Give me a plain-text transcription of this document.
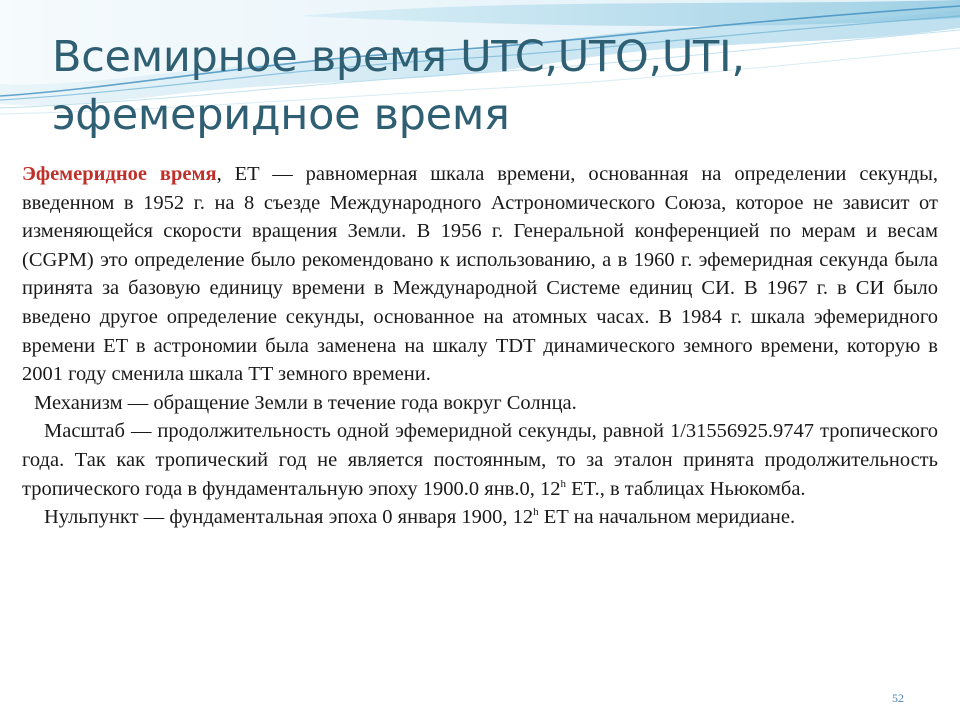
Всемирное время UTC,UTO,UTI,
эфемеридное время

Эфемеридное время, ET — равномерная шкала времени, основанная на определении секунды, введенном в 1952 г. на 8 съезде Международного Астрономического Союза, которое не зависит от изменяющейся скорости вращения Земли. В 1956 г. Генеральной конференцией по мерам и весам (CGPM) это определение было рекомендовано к использованию, а в 1960 г. эфемеридная секунда была принята за базовую единицу времени в Международной Системе единиц СИ. В 1967 г. в СИ было введено другое определение секунды, основанное на атомных часах. В 1984 г. шкала эфемеридного времени ET в астрономии была заменена на шкалу TDT динамического земного времени, которую в 2001 году сменила шкала TT земного времени.

Механизм — обращение Земли в течение года вокруг Солнца.

Масштаб — продолжительность одной эфемеридной секунды, равной 1/31556925.9747 тропического года. Так как тропический год не является постоянным, то за эталон принята продолжительность тропического года в фундаментальную эпоху 1900.0 янв.0, 12$^h$ ET., в таблицах Ньюкомба.

Нульпункт — фундаментальная эпоха 0 января 1900, 12$^h$ ET на начальном меридиане.

52
